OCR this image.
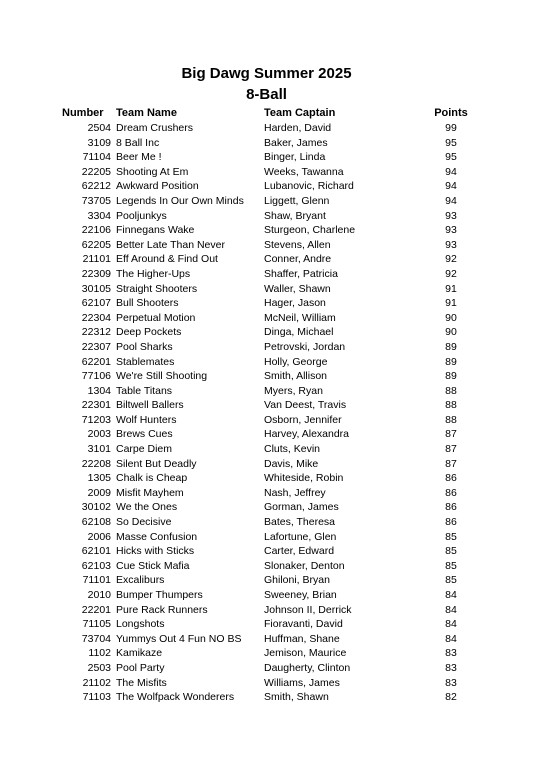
Big Dawg Summer 2025
8-Ball
Number Team Name	Team Captain	Points
2504 Dream Crushers	Harden, David	99
3109 8 Ball Inc	Baker, James	95
71104 Beer Me !	Binger, Linda	95
22205 Shooting At Em	Weeks, Tawanna	94
62212 Awkward Position	Lubanovic, Richard	94
73705 Legends In Our Own Minds	Liggett, Glenn	94
3304 Pooljunkys	Shaw, Bryant	93
22106 Finnegans Wake	Sturgeon, Charlene	93
62205 Better Late Than Never	Stevens, Allen	93
21101 Eff Around & Find Out	Conner, Andre	92
22309 The Higher-Ups	Shaffer, Patricia	92
30105 Straight Shooters	Waller, Shawn	91
62107 Bull Shooters	Hager, Jason	91
22304 Perpetual Motion	McNeil, William	90
22312 Deep Pockets	Dinga, Michael	90
22307 Pool Sharks	Petrovski, Jordan	89
62201 Stablemates	Holly, George	89
77106 We're Still Shooting	Smith, Allison	89
1304 Table Titans	Myers, Ryan	88
22301 Biltwell Ballers	Van Deest, Travis	88
71203 Wolf Hunters	Osborn, Jennifer	88
2003 Brews Cues	Harvey, Alexandra	87
3101 Carpe Diem	Cluts, Kevin	87
22208 Silent But Deadly	Davis, Mike	87
1305 Chalk is Cheap	Whiteside, Robin	86
2009 Misfit Mayhem	Nash, Jeffrey	86
30102 We the Ones	Gorman, James	86
62108 So Decisive	Bates, Theresa	86
2006 Masse Confusion	Lafortune, Glen	85
62101 Hicks with Sticks	Carter, Edward	85
62103 Cue Stick Mafia	Slonaker, Denton	85
71101 Excaliburs	Ghiloni, Bryan	85
2010 Bumper Thumpers	Sweeney, Brian	84
22201 Pure Rack Runners	Johnson II, Derrick	84
71105 Longshots	Fioravanti, David	84
73704 Yummys Out 4 Fun NO BS	Huffman, Shane	84
1102 Kamikaze	Jemison, Maurice	83
2503 Pool Party	Daugherty, Clinton	83
21102 The Misfits	Williams, James	83
71103 The Wolfpack Wonderers	Smith, Shawn	82
